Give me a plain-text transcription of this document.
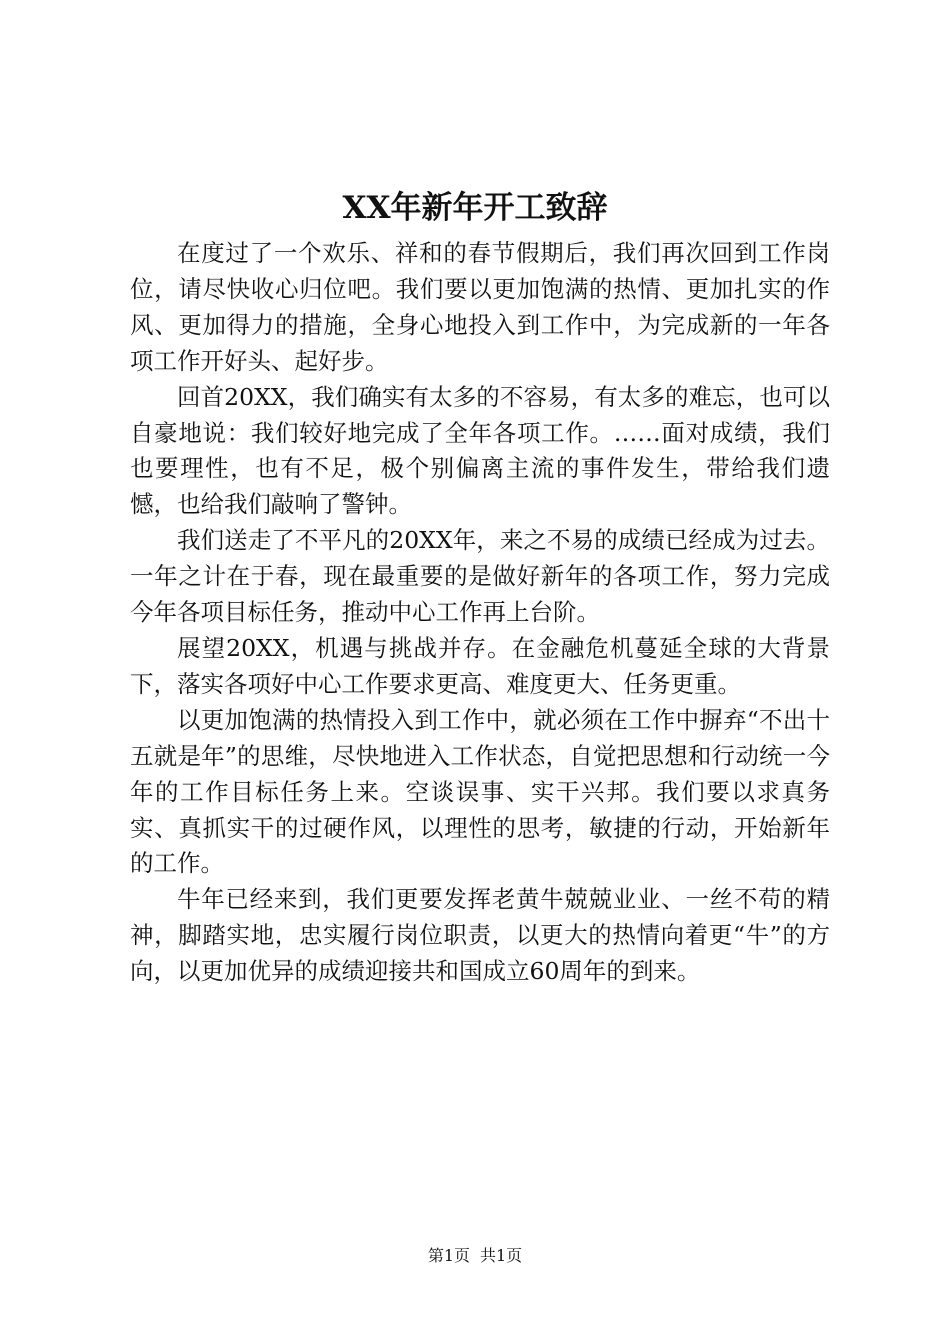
XX年新年开工致辞

在度过了一个欢乐、祥和的春节假期后，我们再次回到工作岗位，请尽快收心归位吧。我们要以更加饱满的热情、更加扎实的作风、更加得力的措施，全身心地投入到工作中，为完成新的一年各项工作开好头、起好步。

回首20XX，我们确实有太多的不容易，有太多的难忘，也可以自豪地说：我们较好地完成了全年各项工作。……面对成绩，我们也要理性，也有不足，极个别偏离主流的事件发生，带给我们遗憾，也给我们敲响了警钟。

我们送走了不平凡的20XX年，来之不易的成绩已经成为过去。一年之计在于春，现在最重要的是做好新年的各项工作，努力完成今年各项目标任务，推动中心工作再上台阶。

展望20XX，机遇与挑战并存。在金融危机蔓延全球的大背景下，落实各项好中心工作要求更高、难度更大、任务更重。

以更加饱满的热情投入到工作中，就必须在工作中摒弃“不出十五就是年”的思维，尽快地进入工作状态，自觉把思想和行动统一今年的工作目标任务上来。空谈误事、实干兴邦。我们要以求真务实、真抓实干的过硬作风，以理性的思考，敏捷的行动，开始新年的工作。

牛年已经来到，我们更要发挥老黄牛兢兢业业、一丝不苟的精神，脚踏实地，忠实履行岗位职责，以更大的热情向着更“牛”的方向，以更加优异的成绩迎接共和国成立60周年的到来。

第1页 共1页
